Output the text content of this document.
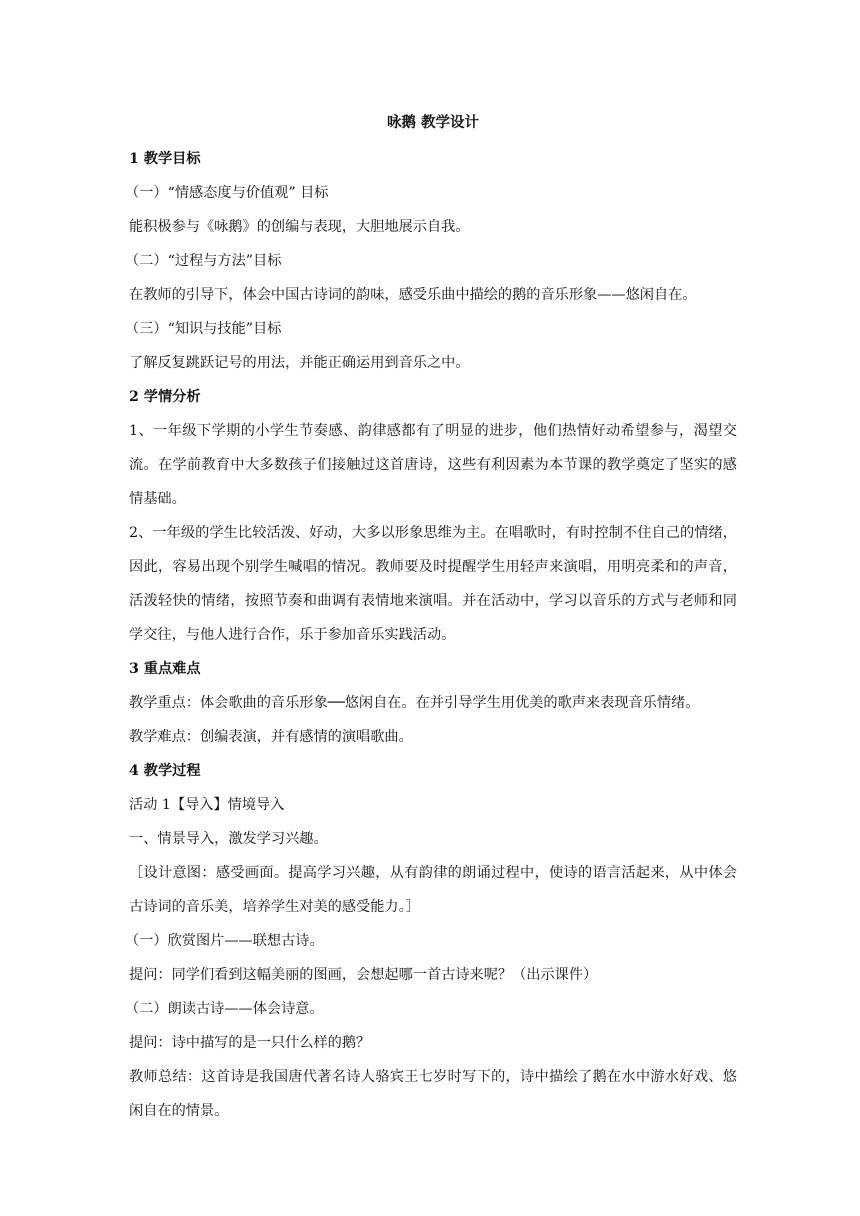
咏鹅 教学设计

1 教学目标

（一）“情感态度与价值观” 目标

能积极参与《咏鹅》的创编与表现，大胆地展示自我。

（二）“过程与方法”目标

在教师的引导下，体会中国古诗词的韵味，感受乐曲中描绘的鹅的音乐形象——悠闲自在。

（三）“知识与技能”目标

了解反复跳跃记号的用法，并能正确运用到音乐之中。

2 学情分析

1、一年级下学期的小学生节奏感、韵律感都有了明显的进步，他们热情好动希望参与，渴望交流。在学前教育中大多数孩子们接触过这首唐诗，这些有利因素为本节课的教学奠定了坚实的感情基础。

2、一年级的学生比较活泼、好动，大多以形象思维为主。在唱歌时，有时控制不住自己的情绪，因此，容易出现个别学生喊唱的情况。教师要及时提醒学生用轻声来演唱，用明亮柔和的声音，活泼轻快的情绪，按照节奏和曲调有表情地来演唱。并在活动中，学习以音乐的方式与老师和同学交往，与他人进行合作，乐于参加音乐实践活动。

3 重点难点

教学重点：体会歌曲的音乐形象──悠闲自在。在并引导学生用优美的歌声来表现音乐情绪。

教学难点：创编表演，并有感情的演唱歌曲。

4 教学过程

活动 1【导入】情境导入

一、情景导入，激发学习兴趣。

［设计意图：感受画面。提高学习兴趣，从有韵律的朗诵过程中，使诗的语言活起来，从中体会古诗词的音乐美，培养学生对美的感受能力。］

（一）欣赏图片——联想古诗。

提问：同学们看到这幅美丽的图画，会想起哪一首古诗来呢？（出示课件）

（二）朗读古诗——体会诗意。

提问：诗中描写的是一只什么样的鹅？

教师总结：这首诗是我国唐代著名诗人骆宾王七岁时写下的，诗中描绘了鹅在水中游水好戏、悠闲自在的情景。
